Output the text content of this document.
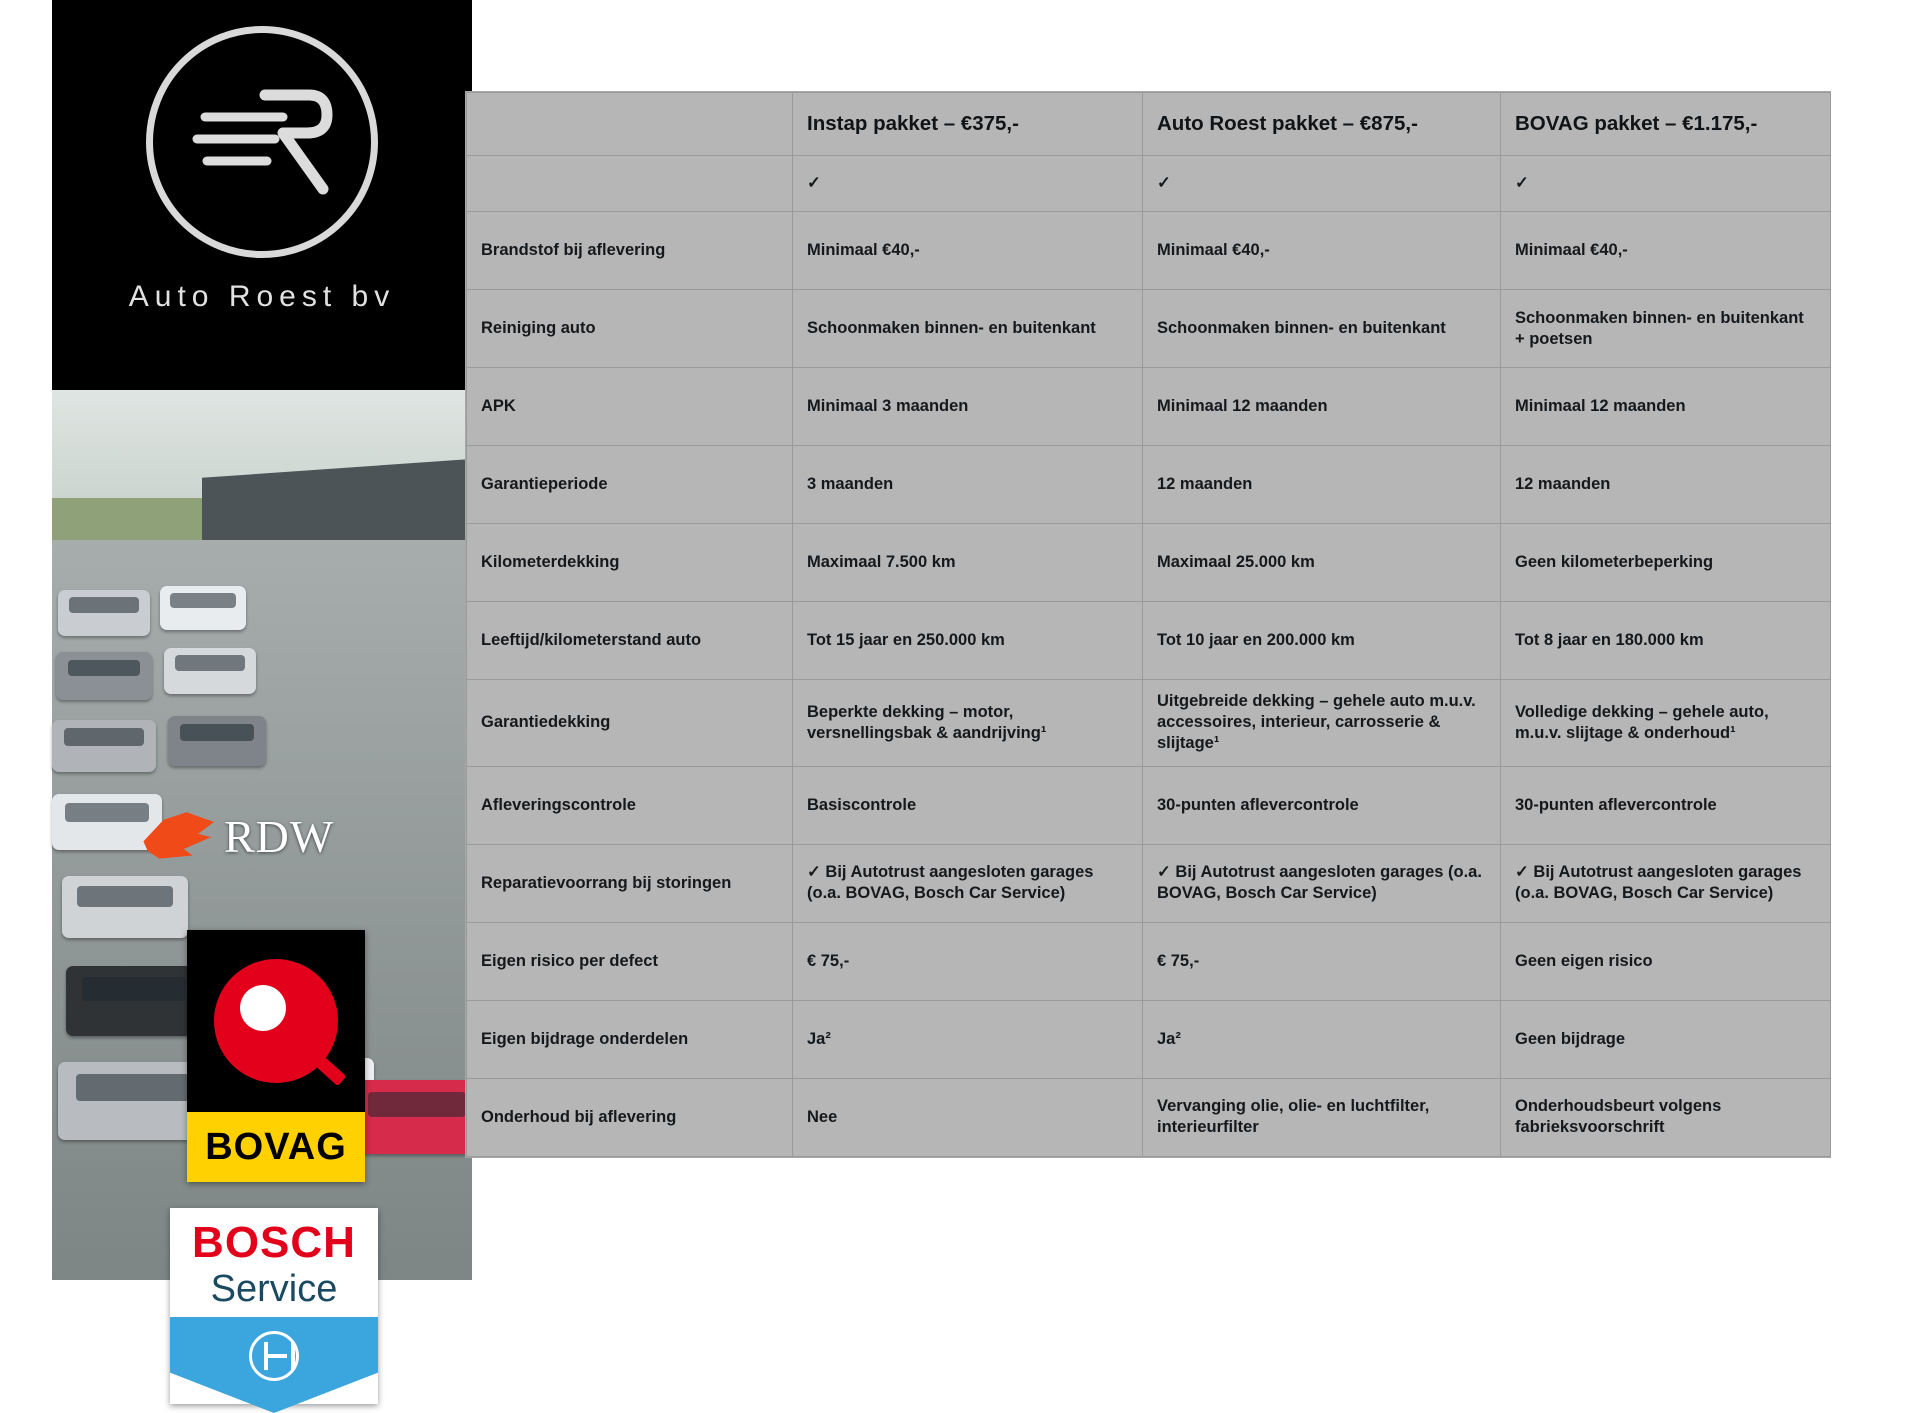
Auto Roest bv
RDW
BOVAG
BOSCH
Service
	Instap pakket – €375,-	Auto Roest pakket – €875,-	BOVAG pakket – €1.175,-
	✓	✓	✓
Brandstof bij aflevering	Minimaal €40,-	Minimaal €40,-	Minimaal €40,-
Reiniging auto	Schoonmaken binnen- en buitenkant	Schoonmaken binnen- en buitenkant	Schoonmaken binnen- en buitenkant + poetsen
APK	Minimaal 3 maanden	Minimaal 12 maanden	Minimaal 12 maanden
Garantieperiode	3 maanden	12 maanden	12 maanden
Kilometerdekking	Maximaal 7.500 km	Maximaal 25.000 km	Geen kilometerbeperking
Leeftijd/kilometerstand auto	Tot 15 jaar en 250.000 km	Tot 10 jaar en 200.000 km	Tot 8 jaar en 180.000 km
Garantiedekking	Beperkte dekking – motor, versnellingsbak & aandrijving¹	Uitgebreide dekking – gehele auto m.u.v. accessoires, interieur, carrosserie & slijtage¹	Volledige dekking – gehele auto, m.u.v. slijtage & onderhoud¹
Afleveringscontrole	Basiscontrole	30-punten aflevercontrole	30-punten aflevercontrole
Reparatievoorrang bij storingen	✓ Bij Autotrust aangesloten garages (o.a. BOVAG, Bosch Car Service)	✓ Bij Autotrust aangesloten garages (o.a. BOVAG, Bosch Car Service)	✓ Bij Autotrust aangesloten garages (o.a. BOVAG, Bosch Car Service)
Eigen risico per defect	€ 75,-	€ 75,-	Geen eigen risico
Eigen bijdrage onderdelen	Ja²	Ja²	Geen bijdrage
Onderhoud bij aflevering	Nee	Vervanging olie, olie- en luchtfilter, interieurfilter	Onderhoudsbeurt volgens fabrieksvoorschrift
